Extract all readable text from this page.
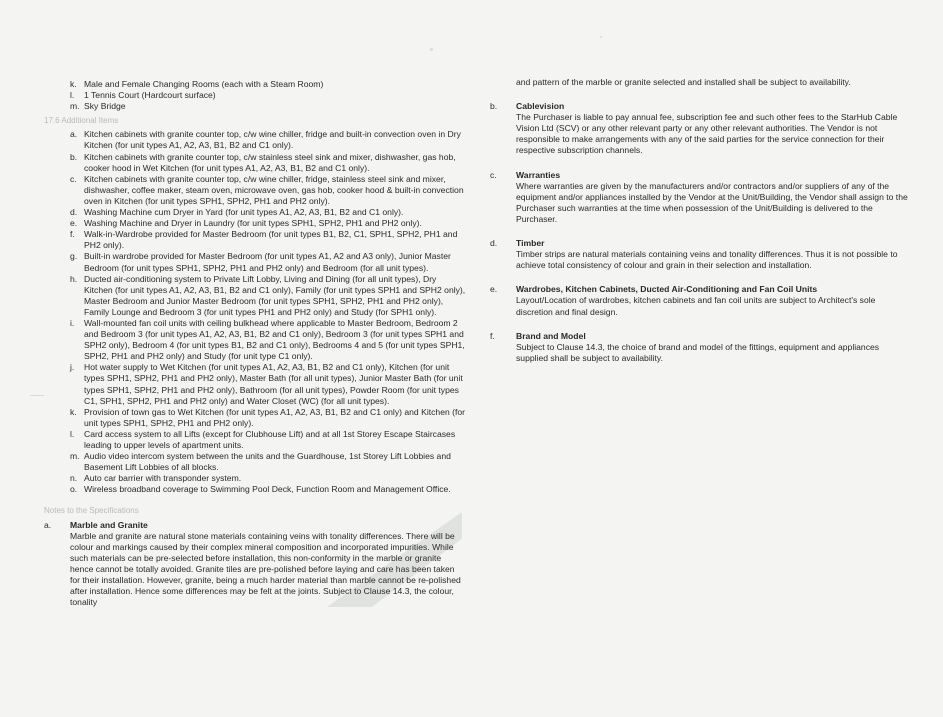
k. Male and Female Changing Rooms (each with a Steam Room)
l.	1 Tennis Court (Hardcourt surface)
m. Sky Bridge
17.6 Additional Items
a. Kitchen cabinets with granite counter top, c/w wine chiller, fridge and built-in convection oven in Dry Kitchen (for unit types A1, A2, A3, B1, B2 and C1 only).
b. Kitchen cabinets with granite counter top, c/w stainless steel sink and mixer, dishwasher, gas hob, cooker hood in Wet Kitchen (for unit types A1, A2, A3, B1, B2 and C1 only).
c. Kitchen cabinets with granite counter top, c/w wine chiller, fridge, stainless steel sink and mixer, dishwasher, coffee maker, steam oven, microwave oven, gas hob, cooker hood & built-in convection oven in Kitchen (for unit types SPH1, SPH2, PH1 and PH2 only).
d. Washing Machine cum Dryer in Yard (for unit types A1, A2, A3, B1, B2 and C1 only).
e. Washing Machine and Dryer in Laundry (for unit types SPH1, SPH2, PH1 and PH2 only).
f.	Walk-in-Wardrobe provided for Master Bedroom (for unit types B1, B2, C1, SPH1, SPH2, PH1 and PH2 only).
g. Built-in wardrobe provided for Master Bedroom (for unit types A1, A2 and A3 only), Junior Master Bedroom (for unit types SPH1, SPH2, PH1 and PH2 only) and Bedroom (for all unit types).
h. Ducted air-conditioning system to Private Lift Lobby, Living and Dining (for all unit types), Dry Kitchen (for unit types A1, A2, A3, B1, B2 and C1 only), Family (for unit types SPH1 and SPH2 only), Master Bedroom and Junior Master Bedroom (for unit types SPH1, SPH2, PH1 and PH2 only), Family Lounge and Bedroom 3 (for unit types PH1 and PH2 only) and Study (for SPH1 only).
i.	Wall-mounted fan coil units with ceiling bulkhead where applicable to Master Bedroom, Bedroom 2 and Bedroom 3 (for unit types A1, A2, A3, B1, B2 and C1 only), Bedroom 3 (for unit types SPH1 and SPH2 only), Bedroom 4 (for unit types B1, B2 and C1 only), Bedrooms 4 and 5 (for unit types SPH1, SPH2, PH1 and PH2 only) and Study (for unit type C1 only).
j.	Hot water supply to Wet Kitchen (for unit types A1, A2, A3, B1, B2 and C1 only), Kitchen (for unit types SPH1, SPH2, PH1 and PH2 only), Master Bath (for all unit types), Junior Master Bath (for unit types SPH1, SPH2, PH1 and PH2 only), Bathroom (for all unit types), Powder Room (for unit types C1, SPH1, SPH2, PH1 and PH2 only) and Water Closet (WC) (for all unit types).
k. Provision of town gas to Wet Kitchen (for unit types A1, A2, A3, B1, B2 and C1 only) and Kitchen (for unit types SPH1, SPH2, PH1 and PH2 only).
l.	Card access system to all Lifts (except for Clubhouse Lift) and at all 1st Storey Escape Staircases leading to upper levels of apartment units.
m. Audio video intercom system between the units and the Guardhouse, 1st Storey Lift Lobbies and Basement Lift Lobbies of all blocks.
n. Auto car barrier with transponder system.
o. Wireless broadband coverage to Swimming Pool Deck, Function Room and Management Office.
Notes to the Specifications
a.	Marble and Granite
Marble and granite are natural stone materials containing veins with tonality differences. There will be colour and markings caused by their complex mineral composition and incorporated impurities. While such materials can be pre-selected before installation, this non-conformity in the marble or granite hence cannot be totally avoided. Granite tiles are pre-polished before laying and care has been taken for their installation. However, granite, being a much harder material than marble cannot be re-polished after installation. Hence some differences may be felt at the joints. Subject to Clause 14.3, the colour, tonality
and pattern of the marble or granite selected and installed shall be subject to availability.
b.	Cablevision
The Purchaser is liable to pay annual fee, subscription fee and such other fees to the StarHub Cable Vision Ltd (SCV) or any other relevant party or any other relevant authorities. The Vendor is not responsible to make arrangements with any of the said parties for the service connection for their respective subscription channels.
c.	Warranties
Where warranties are given by the manufacturers and/or contractors and/or suppliers of any of the equipment and/or appliances installed by the Vendor at the Unit/Building, the Vendor shall assign to the Purchaser such warranties at the time when possession of the Unit/Building is delivered to the Purchaser.
d.	Timber
Timber strips are natural materials containing veins and tonality differences. Thus it is not possible to achieve total consistency of colour and grain in their selection and installation.
e.	Wardrobes, Kitchen Cabinets, Ducted Air-Conditioning and Fan Coil Units
Layout/Location of wardrobes, kitchen cabinets and fan coil units are subject to Architect's sole discretion and final design.
f.	Brand and Model
Subject to Clause 14.3, the choice of brand and model of the fittings, equipment and appliances supplied shall be subject to availability.
